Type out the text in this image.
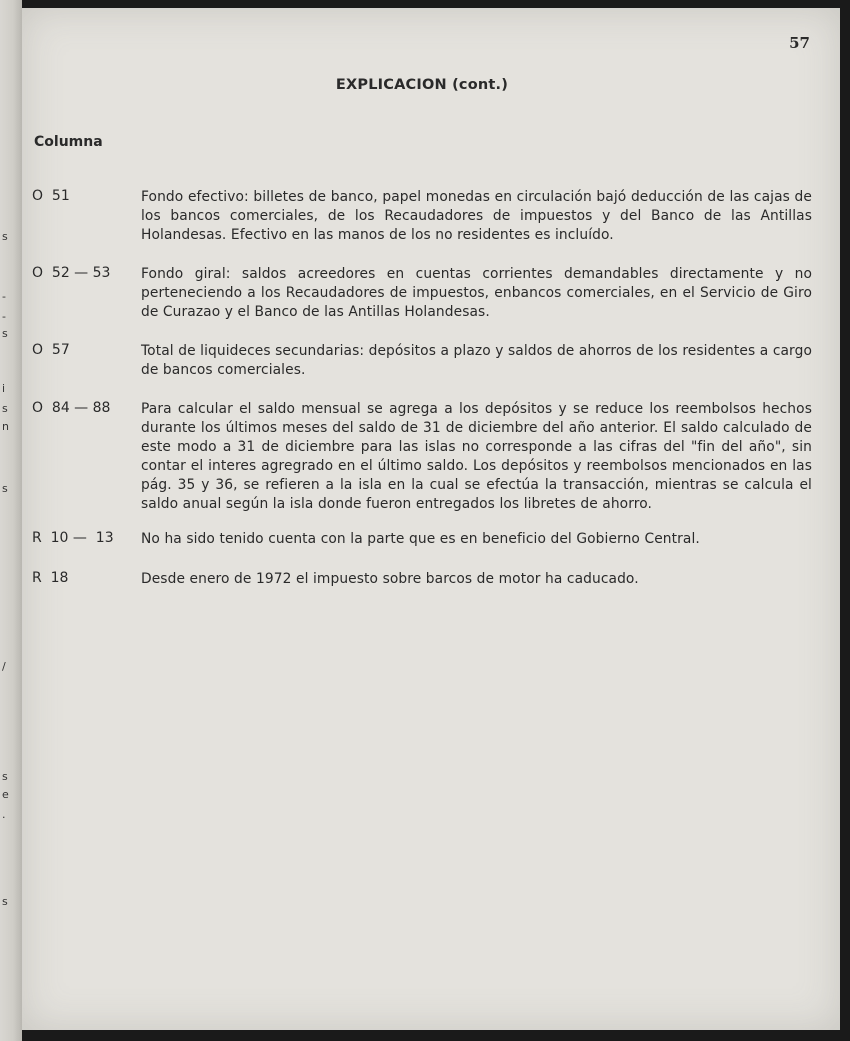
s
-
-
s
i
s
n
s
/
s
e
.
s
57
EXPLICACION (cont.)
Columna
O  51	Fondo efectivo: billetes de banco, papel monedas en circulación bajó deducción de las cajas de los bancos comerciales, de los Recaudadores de impuestos y del Banco de las Antillas Holandesas. Efectivo en las manos de los no residentes es incluído.
O  52 — 53	Fondo giral: saldos acreedores en cuentas corrientes demandables directamente y no perteneciendo a los Recaudadores de impuestos, enbancos comerciales, en el Servicio de Giro de Curazao y el Banco de las Antillas Holandesas.
O  57	Total de liquideces secundarias: depósitos a plazo y saldos de ahorros de los residentes a cargo de bancos comerciales.
O  84 — 88	Para calcular el saldo mensual se agrega a los depósitos y se reduce los reembolsos hechos durante los últimos meses del saldo de 31 de diciembre del año anterior. El saldo calculado de este modo a 31 de diciembre para las islas no corresponde a las cifras del "fin del año", sin contar el interes agregrado en el último saldo. Los depósitos y reembolsos mencionados en las pág. 35 y 36, se refieren a la isla en la cual se efectúa la transacción, mientras se calcula el saldo anual según la isla donde fueron entregados los libretes de ahorro.
R  10 —  13	No ha sido tenido cuenta con la parte que es en beneficio del Gobierno Central.
R  18	Desde enero de 1972 el impuesto sobre barcos de motor ha caducado.
